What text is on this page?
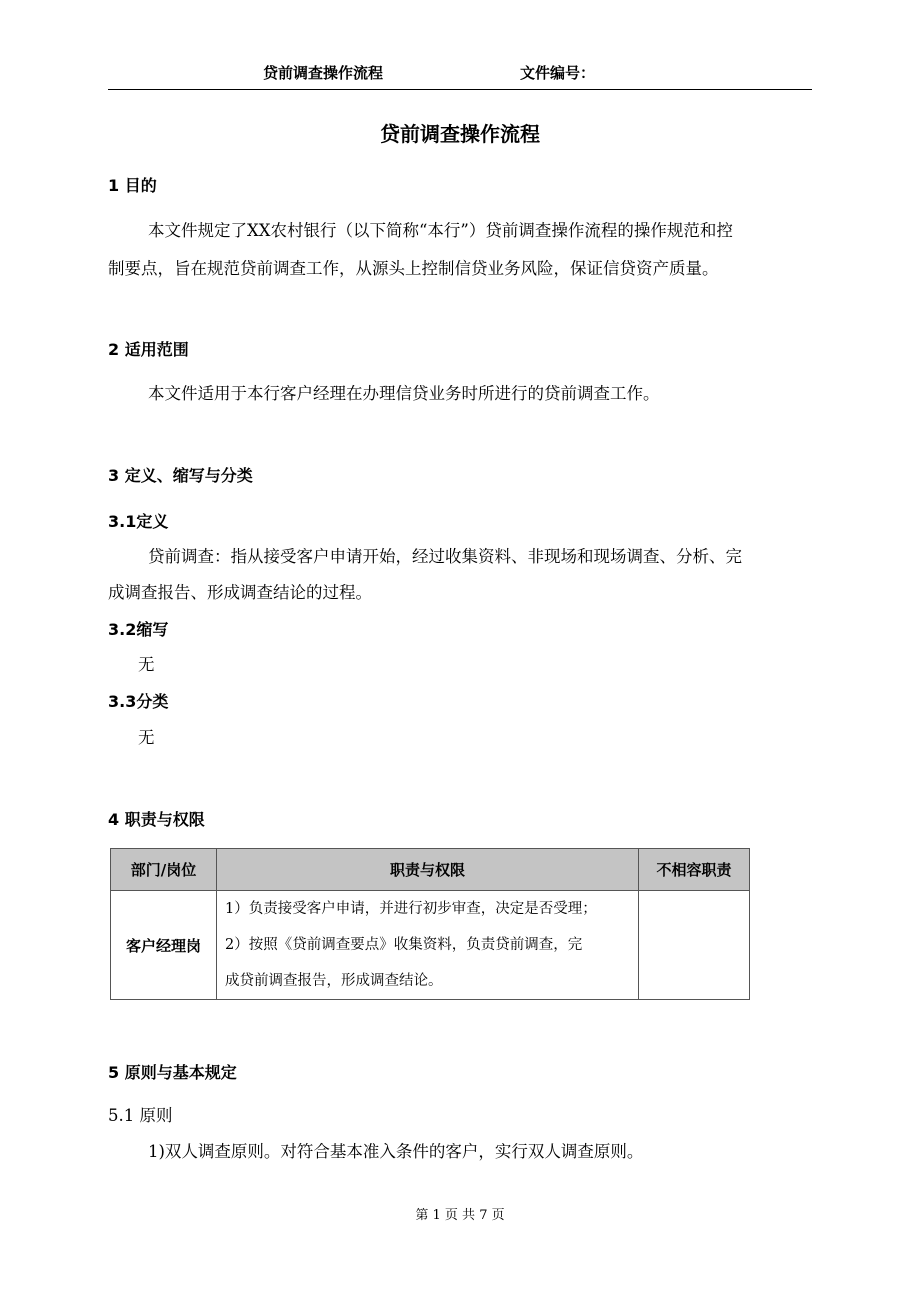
贷前调查操作流程	文件编号：
贷前调查操作流程
1 目的
本文件规定了XX农村银行（以下简称“本行”）贷前调查操作流程的操作规范和控
制要点，旨在规范贷前调查工作，从源头上控制信贷业务风险，保证信贷资产质量。
2 适用范围
本文件适用于本行客户经理在办理信贷业务时所进行的贷前调查工作。
3 定义、缩写与分类
3.1定义
贷前调查：指从接受客户申请开始，经过收集资料、非现场和现场调查、分析、完
成调查报告、形成调查结论的过程。
3.2缩写
无
3.3分类
无
4 职责与权限
部门/岗位	职责与权限	不相容职责
客户经理岗	1）负责接受客户申请，并进行初步审查，决定是否受理；
2）按照《贷前调查要点》收集资料，负责贷前调查，完
成贷前调查报告，形成调查结论。	

5 原则与基本规定
5.1 原则
1)双人调查原则。对符合基本准入条件的客户，实行双人调查原则。
第 1 页 共 7 页
